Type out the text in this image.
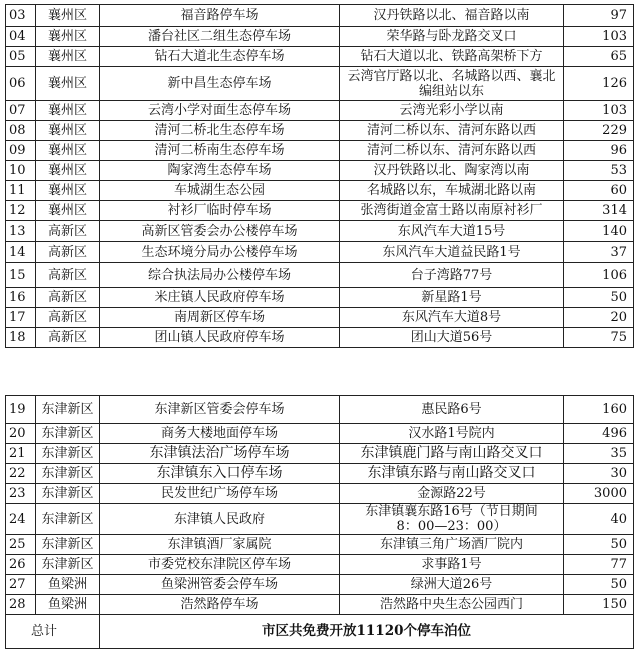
03	襄州区	福音路停车场	汉丹铁路以北、福音路以南	97
04	襄州区	潘台社区二组生态停车场	荣华路与卧龙路交叉口	103
05	襄州区	钻石大道北生态停车场	钻石大道以北、铁路高架桥下方	65
06	襄州区	新中昌生态停车场	云湾官厅路以北、名城路以西、襄北
编组站以东	126
07	襄州区	云湾小学对面生态停车场	云湾光彩小学以南	103
08	襄州区	清河二桥北生态停车场	清河二桥以东、清河东路以西	229
09	襄州区	清河二桥南生态停车场	清河二桥以东、清河东路以西	96
10	襄州区	陶家湾生态停车场	汉丹铁路以北、陶家湾以南	53
11	襄州区	车城湖生态公园	名城路以东，车城湖北路以南	60
12	襄州区	衬衫厂临时停车场	张湾街道金富士路以南原衬衫厂	314
13	高新区	高新区管委会办公楼停车场	东风汽车大道15号	140
14	高新区	生态环境分局办公楼停车场	东风汽车大道益民路1号	37
15	高新区	综合执法局办公楼停车场	台子湾路77号	106
16	高新区	米庄镇人民政府停车场	新星路1号	50
17	高新区	南周新区停车场	东风汽车大道8号	20
18	高新区	团山镇人民政府停车场	团山大道56号	75
19	东津新区	东津新区管委会停车场	惠民路6号	160
20	东津新区	商务大楼地面停车场	汉水路1号院内	496
21	东津新区	东津镇法治广场停车场	东津镇鹿门路与南山路交叉口	35
22	东津新区	东津镇东入口停车场	东津镇东路与南山路交叉口	30
23	东津新区	民发世纪广场停车场	金源路22号	3000
24	东津新区	东津镇人民政府	东津镇襄东路16号（节日期间
8：00—23：00）	40
25	东津新区	东津镇酒厂家属院	东津镇三角广场酒厂院内	50
26	东津新区	市委党校东津院区停车场	求事路1号	77
27	鱼梁洲	鱼梁洲管委会停车场	绿洲大道26号	50
28	鱼梁洲	浩然路停车场	浩然路中央生态公园西门	150
总计		市区共免费开放11120个停车泊位		
